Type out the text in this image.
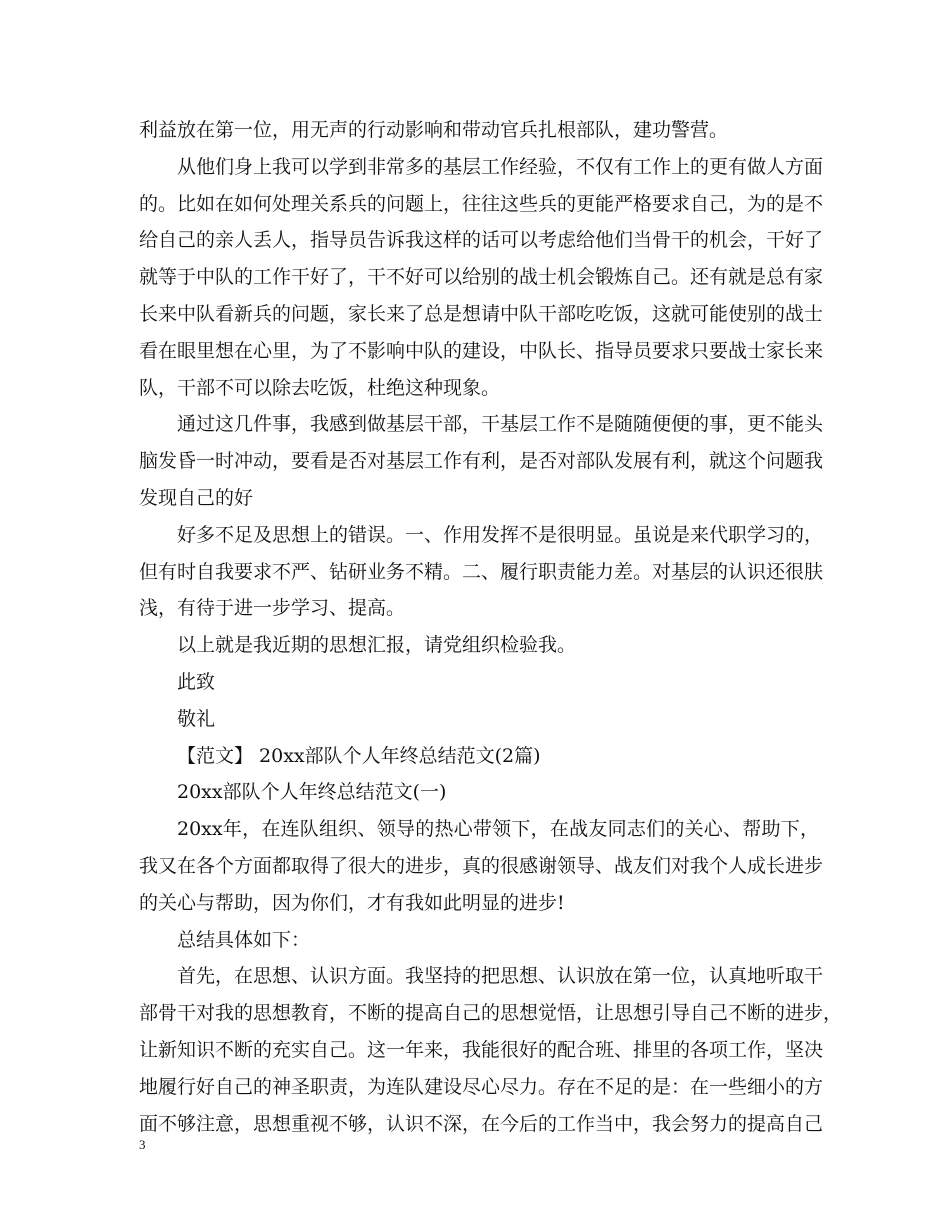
利益放在第一位，用无声的行动影响和带动官兵扎根部队，建功警营。
从他们身上我可以学到非常多的基层工作经验，不仅有工作上的更有做人方面
的。比如在如何处理关系兵的问题上，往往这些兵的更能严格要求自己，为的是不
给自己的亲人丢人，指导员告诉我这样的话可以考虑给他们当骨干的机会，干好了
就等于中队的工作干好了，干不好可以给别的战士机会锻炼自己。还有就是总有家
长来中队看新兵的问题，家长来了总是想请中队干部吃吃饭，这就可能使别的战士
看在眼里想在心里，为了不影响中队的建设，中队长、指导员要求只要战士家长来
队，干部不可以除去吃饭，杜绝这种现象。
通过这几件事，我感到做基层干部，干基层工作不是随随便便的事，更不能头
脑发昏一时冲动，要看是否对基层工作有利，是否对部队发展有利，就这个问题我
发现自己的好
好多不足及思想上的错误。一、作用发挥不是很明显。虽说是来代职学习的，
但有时自我要求不严、钻研业务不精。二、履行职责能力差。对基层的认识还很肤
浅，有待于进一步学习、提高。
以上就是我近期的思想汇报，请党组织检验我。
此致
敬礼
【范文】 20xx部队个人年终总结范文(2篇)
20xx部队个人年终总结范文(一)
20xx年，在连队组织、领导的热心带领下，在战友同志们的关心、帮助下，
我又在各个方面都取得了很大的进步，真的很感谢领导、战友们对我个人成长进步
的关心与帮助，因为你们，才有我如此明显的进步!
总结具体如下：
首先，在思想、认识方面。我坚持的把思想、认识放在第一位，认真地听取干
部骨干对我的思想教育，不断的提高自己的思想觉悟，让思想引导自己不断的进步，
让新知识不断的充实自己。这一年来，我能很好的配合班、排里的各项工作，坚决
地履行好自己的神圣职责，为连队建设尽心尽力。存在不足的是：在一些细小的方
面不够注意，思想重视不够，认识不深，在今后的工作当中，我会努力的提高自己
3
